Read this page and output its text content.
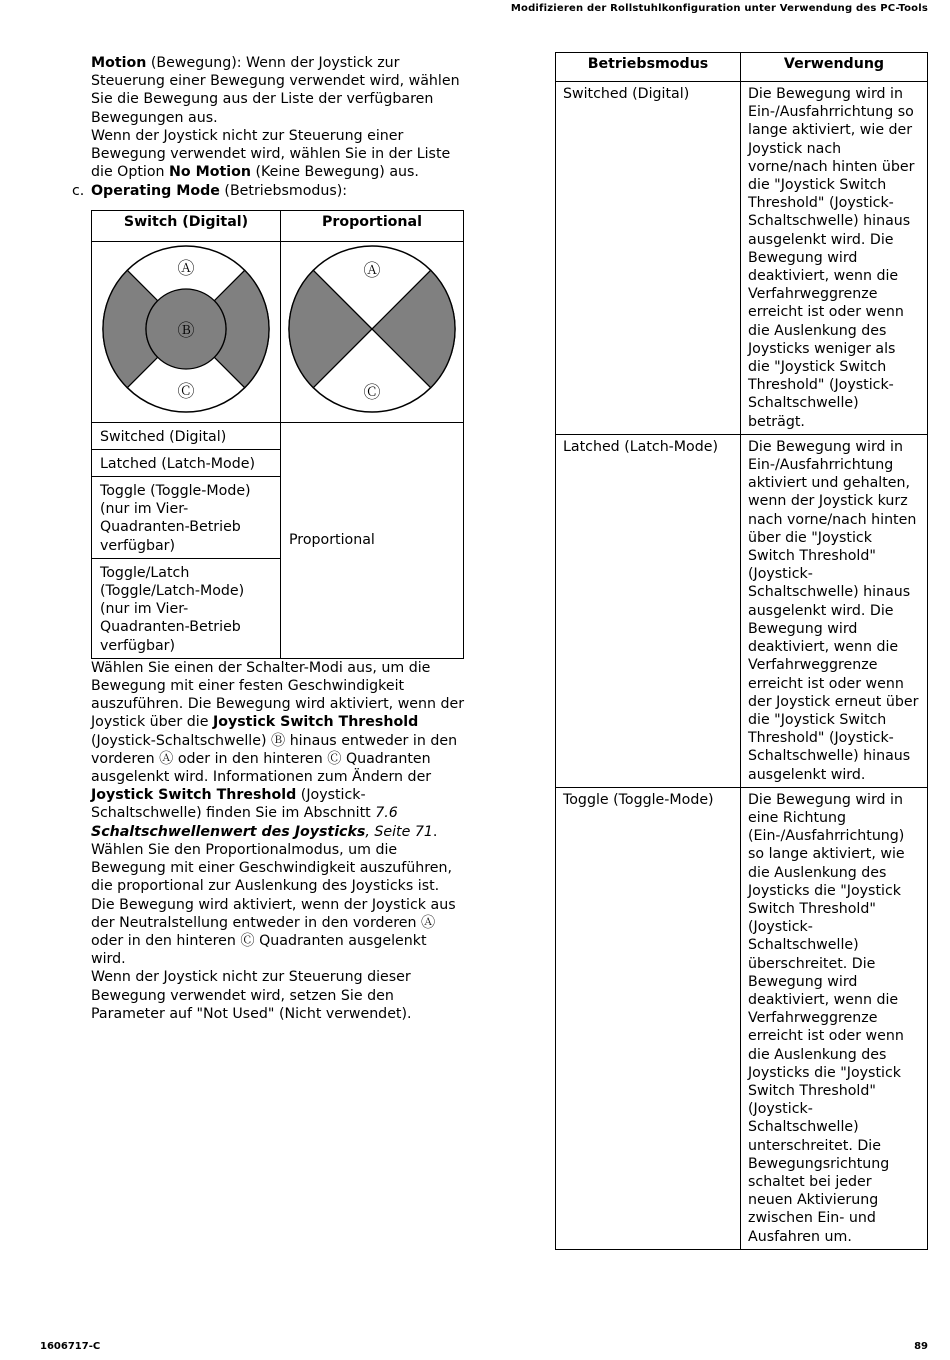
Modifizieren der Rollstuhlkonfiguration unter Verwendung des PC-Tools

Motion (Bewegung): Wenn der Joystick zur Steuerung einer Bewegung verwendet wird, wählen Sie die Bewegung aus der Liste der verfügbaren Bewegungen aus.

Wenn der Joystick nicht zur Steuerung einer Bewegung verwendet wird, wählen Sie in der Liste die Option No Motion (Keine Bewegung) aus.

c. Operating Mode (Betriebsmodus):

Switch (Digital)	Proportional

Ⓐ
Ⓑ
Ⓒ	Ⓐ
Ⓒ

Switched (Digital)	Proportional
Latched (Latch-Mode)	
Toggle (Toggle-Mode) (nur im Vier-Quadranten-Betrieb verfügbar)	
Toggle/Latch (Toggle/Latch-Mode) (nur im Vier-Quadranten-Betrieb verfügbar)	

Wählen Sie einen der Schalter-Modi aus, um die Bewegung mit einer festen Geschwindigkeit auszuführen. Die Bewegung wird aktiviert, wenn der Joystick über die Joystick Switch Threshold (Joystick-Schaltschwelle) Ⓑ hinaus entweder in den vorderen Ⓐ oder in den hinteren Ⓒ Quadranten ausgelenkt wird. Informationen zum Ändern der Joystick Switch Threshold (Joystick-Schaltschwelle) finden Sie im Abschnitt 7.6 Schaltschwellenwert des Joysticks, Seite 71.

Wählen Sie den Proportionalmodus, um die Bewegung mit einer Geschwindigkeit auszuführen, die proportional zur Auslenkung des Joysticks ist. Die Bewegung wird aktiviert, wenn der Joystick aus der Neutralstellung entweder in den vorderen Ⓐ oder in den hinteren Ⓒ Quadranten ausgelenkt wird.

Wenn der Joystick nicht zur Steuerung dieser Bewegung verwendet wird, setzen Sie den Parameter auf "Not Used" (Nicht verwendet).

Betriebsmodus	Verwendung
Switched (Digital)	Die Bewegung wird in Ein-/Ausfahrrichtung so lange aktiviert, wie der Joystick nach vorne/nach hinten über die "Joystick Switch Threshold" (Joystick-Schaltschwelle) hinaus ausgelenkt wird. Die Bewegung wird deaktiviert, wenn die Verfahrweggrenze erreicht ist oder wenn die Auslenkung des Joysticks weniger als die "Joystick Switch Threshold" (Joystick-Schaltschwelle) beträgt.
Latched (Latch-Mode)	Die Bewegung wird in Ein-/Ausfahrrichtung aktiviert und gehalten, wenn der Joystick kurz nach vorne/nach hinten über die "Joystick Switch Threshold" (Joystick-Schaltschwelle) hinaus ausgelenkt wird. Die Bewegung wird deaktiviert, wenn die Verfahrweggrenze erreicht ist oder wenn der Joystick erneut über die "Joystick Switch Threshold" (Joystick-Schaltschwelle) hinaus ausgelenkt wird.
Toggle (Toggle-Mode)	Die Bewegung wird in eine Richtung (Ein-/Ausfahrrichtung) so lange aktiviert, wie die Auslenkung des Joysticks die "Joystick Switch Threshold" (Joystick-Schaltschwelle) überschreitet. Die Bewegung wird deaktiviert, wenn die Verfahrweggrenze erreicht ist oder wenn die Auslenkung des Joysticks die "Joystick Switch Threshold" (Joystick-Schaltschwelle) unterschreitet. Die Bewegungsrichtung schaltet bei jeder neuen Aktivierung zwischen Ein- und Ausfahren um.
1606717-C	89
